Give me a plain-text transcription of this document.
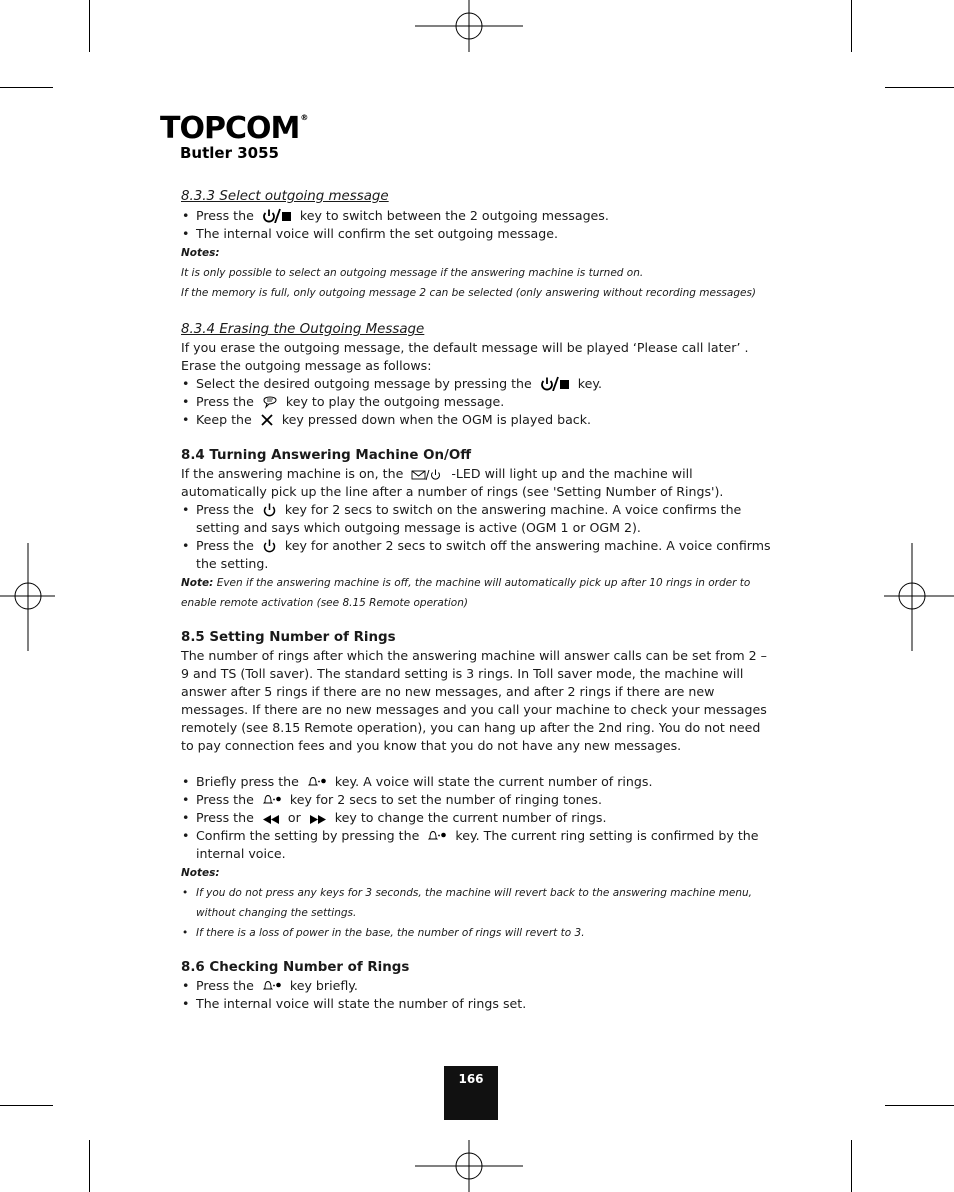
TOPCOM®
Butler 3055

8.3.3 Select outgoing message

• Press the	key to switch between the 2 outgoing messages.
• The internal voice will confirm the set outgoing message.

Notes:

It is only possible to select an outgoing message if the answering machine is turned on.

If the memory is full, only outgoing message 2 can be selected (only answering without recording messages)

8.3.4 Erasing the Outgoing Message

If you erase the outgoing message, the default message will be played ‘Please call later’ .

Erase the outgoing message as follows:

• Select the desired outgoing message by pressing the	key.
• Press the	key to play the outgoing message.
• Keep the key pressed down when the OGM is played back.

8.4 Turning Answering Machine On/Off

If the answering machine is on, the	-LED will light up and the machine will automatically pick up the line after a number of rings (see 'Setting Number of Rings').

• Press the key for 2 secs to switch on the answering machine. A voice confirms the setting and says which outgoing message is active (OGM 1 or OGM 2).
• Press the key for another 2 secs to switch off the answering machine. A voice confirms the setting.

Note: Even if the answering machine is off, the machine will automatically pick up after 10 rings in order to enable remote activation (see 8.15 Remote operation)

8.5 Setting Number of Rings

The number of rings after which the answering machine will answer calls can be set from 2 – 9 and TS (Toll saver). The standard setting is 3 rings. In Toll saver mode, the machine will answer after 5 rings if there are no new messages, and after 2 rings if there are new messages. If there are no new messages and you call your machine to check your messages remotely (see 8.15 Remote operation), you can hang up after the 2nd ring. You do not need to pay connection fees and you know that you do not have any new messages.

• Briefly press the	key. A voice will state the current number of rings.
• Press the	key for 2 secs to set the number of ringing tones.
• Press the	or	key to change the current number of rings.
• Confirm the setting by pressing the	key. The current ring setting is confirmed by the internal voice.

Notes:

• If you do not press any keys for 3 seconds, the machine will revert back to the answering machine menu, without changing the settings.
• If there is a loss of power in the base, the number of rings will revert to 3.

8.6 Checking Number of Rings

• Press the	key briefly.
• The internal voice will state the number of rings set.
166
